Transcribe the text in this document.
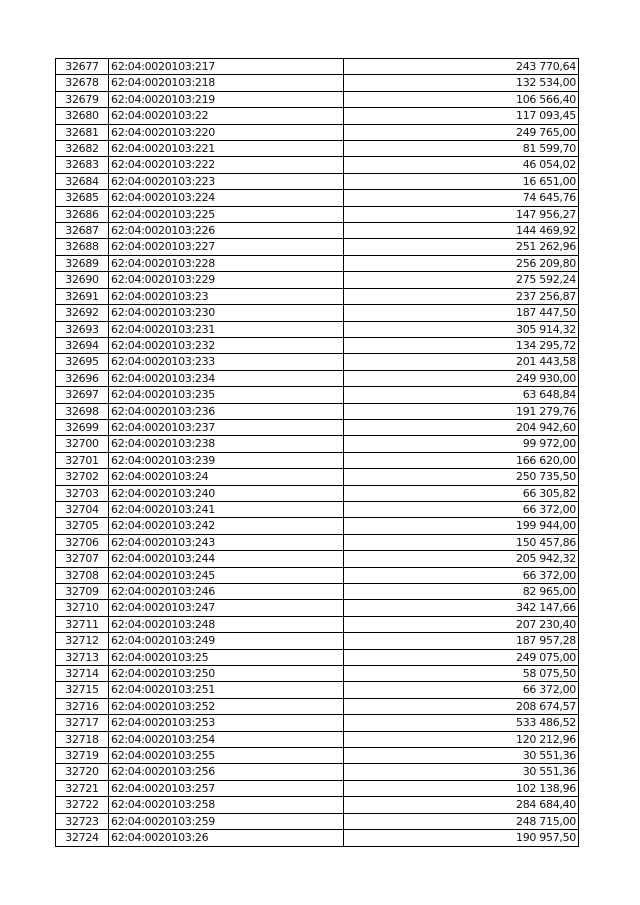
32677	62:04:0020103:217	243 770,64
32678	62:04:0020103:218	132 534,00
32679	62:04:0020103:219	106 566,40
32680	62:04:0020103:22	117 093,45
32681	62:04:0020103:220	249 765,00
32682	62:04:0020103:221	81 599,70
32683	62:04:0020103:222	46 054,02
32684	62:04:0020103:223	16 651,00
32685	62:04:0020103:224	74 645,76
32686	62:04:0020103:225	147 956,27
32687	62:04:0020103:226	144 469,92
32688	62:04:0020103:227	251 262,96
32689	62:04:0020103:228	256 209,80
32690	62:04:0020103:229	275 592,24
32691	62:04:0020103:23	237 256,87
32692	62:04:0020103:230	187 447,50
32693	62:04:0020103:231	305 914,32
32694	62:04:0020103:232	134 295,72
32695	62:04:0020103:233	201 443,58
32696	62:04:0020103:234	249 930,00
32697	62:04:0020103:235	63 648,84
32698	62:04:0020103:236	191 279,76
32699	62:04:0020103:237	204 942,60
32700	62:04:0020103:238	99 972,00
32701	62:04:0020103:239	166 620,00
32702	62:04:0020103:24	250 735,50
32703	62:04:0020103:240	66 305,82
32704	62:04:0020103:241	66 372,00
32705	62:04:0020103:242	199 944,00
32706	62:04:0020103:243	150 457,86
32707	62:04:0020103:244	205 942,32
32708	62:04:0020103:245	66 372,00
32709	62:04:0020103:246	82 965,00
32710	62:04:0020103:247	342 147,66
32711	62:04:0020103:248	207 230,40
32712	62:04:0020103:249	187 957,28
32713	62:04:0020103:25	249 075,00
32714	62:04:0020103:250	58 075,50
32715	62:04:0020103:251	66 372,00
32716	62:04:0020103:252	208 674,57
32717	62:04:0020103:253	533 486,52
32718	62:04:0020103:254	120 212,96
32719	62:04:0020103:255	30 551,36
32720	62:04:0020103:256	30 551,36
32721	62:04:0020103:257	102 138,96
32722	62:04:0020103:258	284 684,40
32723	62:04:0020103:259	248 715,00
32724	62:04:0020103:26	190 957,50
